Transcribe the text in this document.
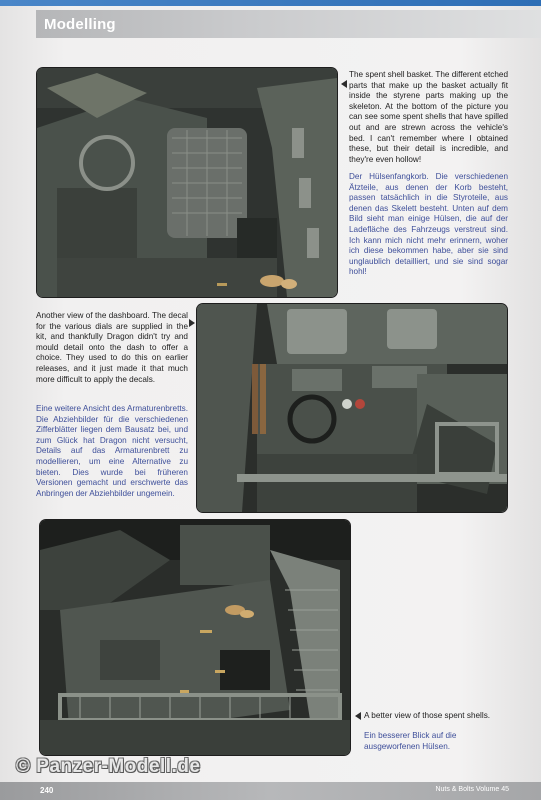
Modelling

The spent shell basket. The different etched parts that make up the basket actually fit inside the styrene parts making up the skeleton. At the bottom of the picture you can see some spent shells that have spilled out and are strewn across the vehicle's bed. I can't remember where I obtained these, but their detail is incredible, and they're even hollow!

Der Hülsenfangkorb. Die verschiedenen Ätzteile, aus denen der Korb besteht, passen tatsächlich in die Styroteile, aus denen das Skelett besteht. Unten auf dem Bild sieht man einige Hülsen, die auf der Ladefläche des Fahrzeugs verstreut sind. Ich kann mich nicht mehr erinnern, woher ich diese bekommen habe, aber sie sind unglaublich detailliert, und sie sind sogar hohl!

Another view of the dashboard. The decal for the various dials are supplied in the kit, and thankfully Dragon didn't try and mould detail onto the dash to offer a choice. They used to do this on earlier releases, and it just made it that much more difficult to apply the decals.

Eine weitere Ansicht des Armaturenbretts. Die Abziehbilder für die verschiedenen Zifferblätter liegen dem Bausatz bei, und zum Glück hat Dragon nicht versucht, Details auf das Armaturenbrett zu modellieren, um eine Alternative zu bieten. Dies wurde bei früheren Versionen gemacht und erschwerte das Anbringen der Abziehbilder ungemein.

A better view of those spent shells.

Ein besserer Blick auf die ausgeworfenen Hülsen.

240	Nuts & Bolts Volume 45
© Panzer-Modell.de
